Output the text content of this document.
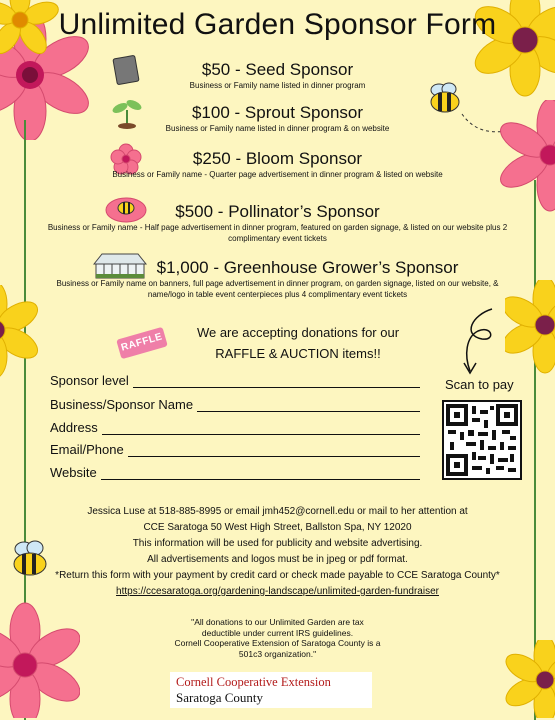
Unlimited Garden Sponsor Form
$50 - Seed Sponsor
Business or Family name listed in dinner program
$100 - Sprout Sponsor
Business or Family name listed in dinner program & on website
$250 - Bloom Sponsor
Business or Family name - Quarter page advertisement in dinner program & listed on website
$500 - Pollinator’s Sponsor
Business or Family name - Half page advertisement in dinner program, featured on garden signage, & listed on our website plus 2 complimentary event tickets
$1,000 - Greenhouse Grower’s Sponsor
Business or Family name on banners, full page advertisement in dinner program, on garden signage, listed on our website, & name/logo in table event centerpieces plus 4 complimentary event tickets
RAFFLE	We are accepting donations for our
RAFFLE & AUCTION items!!
Sponsor level
Business/Sponsor Name
Address
Email/Phone
Website
Scan to pay
Jessica Luse at 518-885-8995 or email jmh452@cornell.edu or mail to her attention at
CCE Saratoga 50 West High Street, Ballston Spa, NY 12020
This information will be used for publicity and website advertising.
All advertisements and logos must be in jpeg or pdf format.
*Return this form with your payment by credit card or check made payable to CCE Saratoga County*
https://ccesaratoga.org/gardening-landscape/unlimited-garden-fundraiser
"All donations to our Unlimited Garden are tax
deductible under current IRS guidelines.
Cornell Cooperative Extension of Saratoga County is a
501c3 organization."
Cornell Cooperative Extension
Saratoga County
